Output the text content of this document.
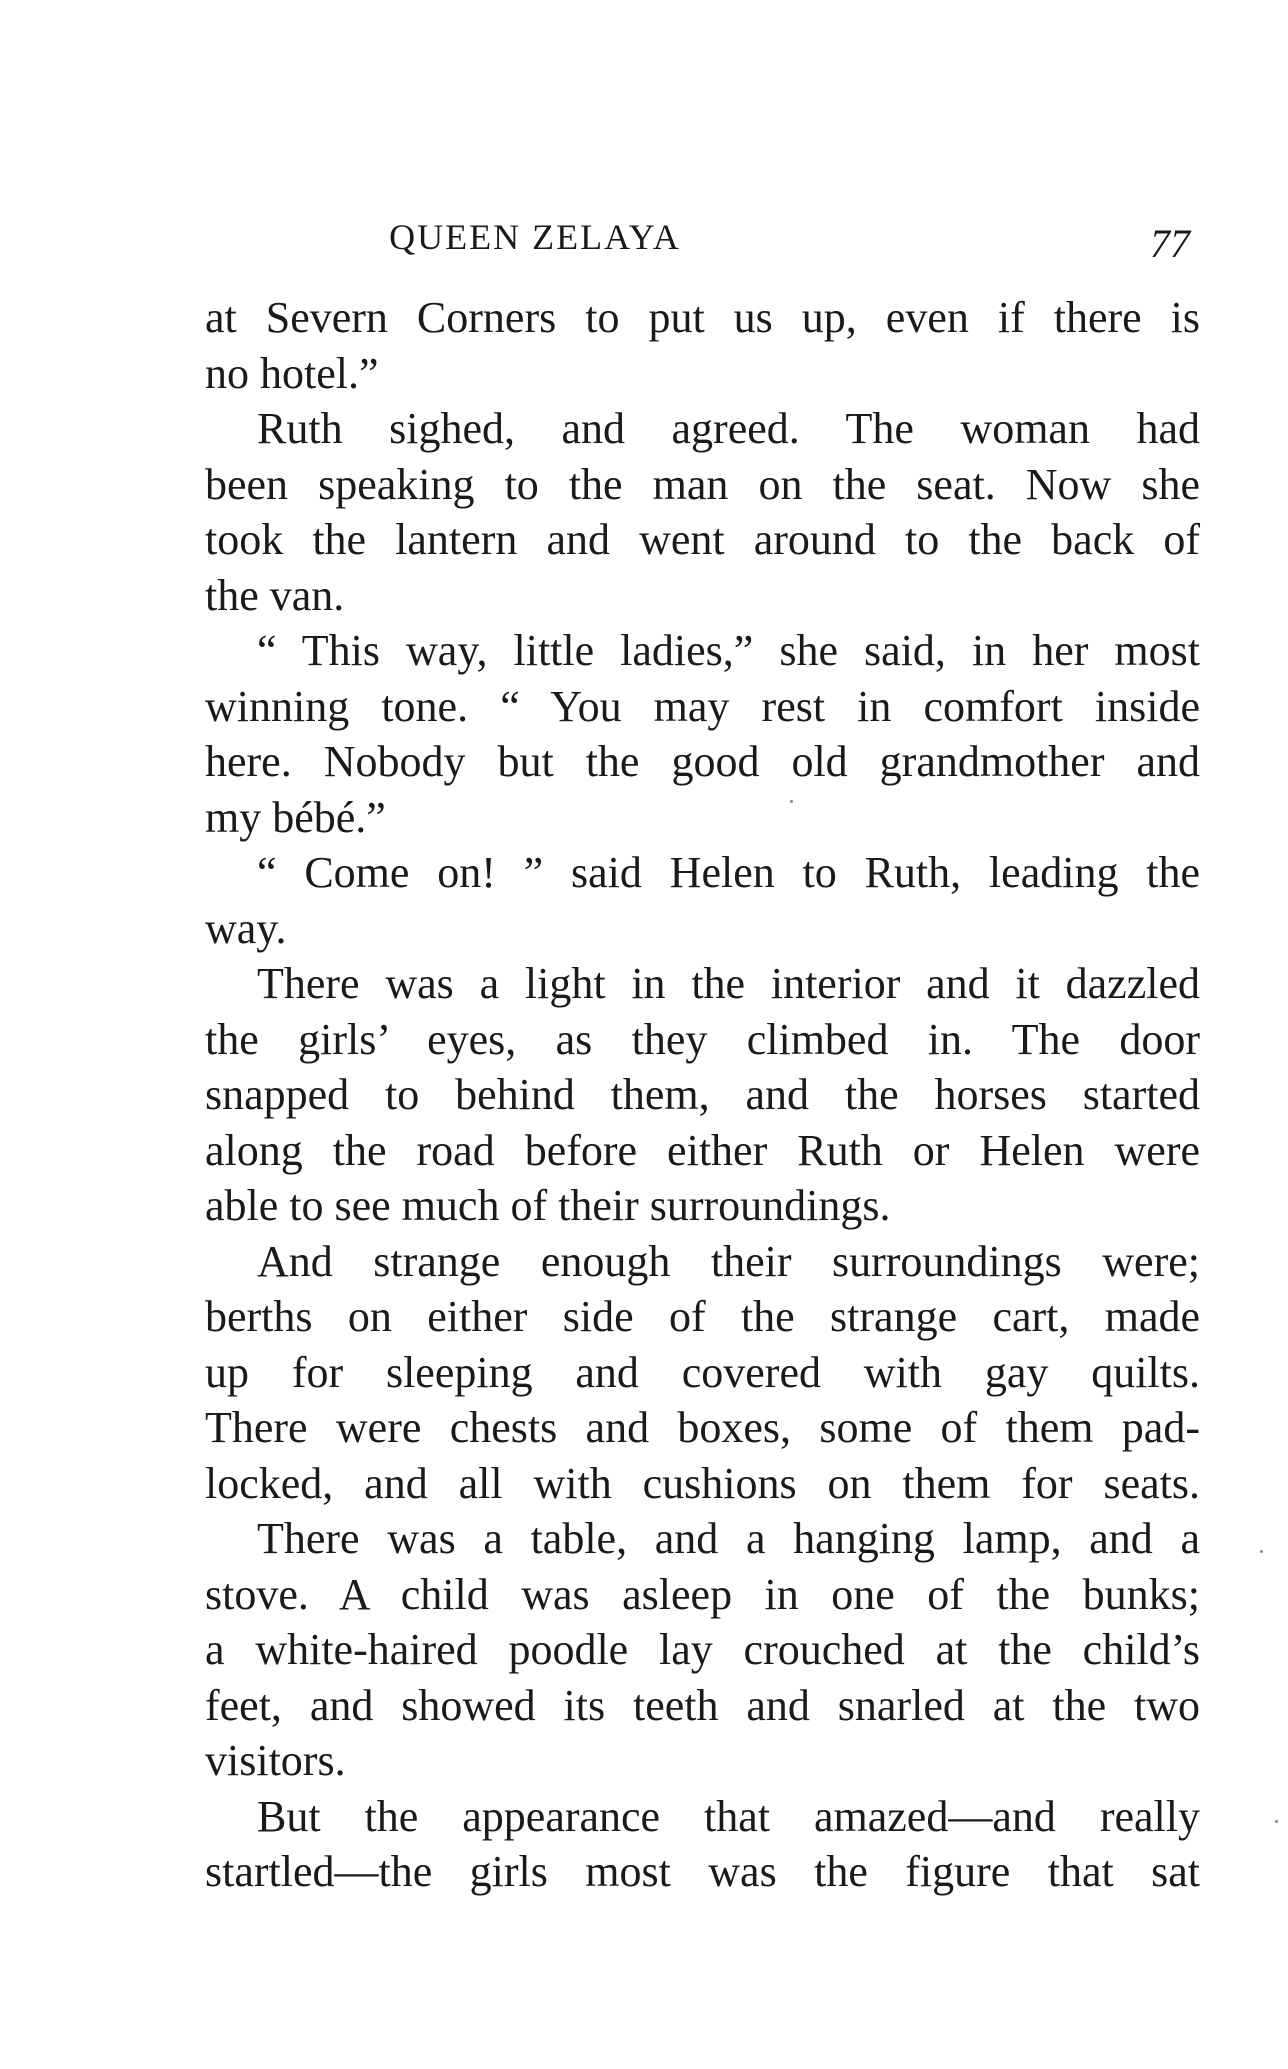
QUEEN ZELAYA	77
at Severn Corners to put us up, even if there is
no hotel.”
Ruth sighed, and agreed. The woman had
been speaking to the man on the seat. Now she
took the lantern and went around to the back of
the van.
“ This way, little ladies,” she said, in her most
winning tone. “ You may rest in comfort inside
here. Nobody but the good old grandmother and
my bébé.”
“ Come on! ” said Helen to Ruth, leading the
way.
There was a light in the interior and it dazzled
the girls’ eyes, as they climbed in. The door
snapped to behind them, and the horses started
along the road before either Ruth or Helen were
able to see much of their surroundings.
And strange enough their surroundings were;
berths on either side of the strange cart, made
up for sleeping and covered with gay quilts.
There were chests and boxes, some of them pad-
locked, and all with cushions on them for seats.
There was a table, and a hanging lamp, and a
stove. A child was asleep in one of the bunks;
a white-haired poodle lay crouched at the child’s
feet, and showed its teeth and snarled at the two
visitors.
But the appearance that amazed—and really
startled—the girls most was the figure that sat
